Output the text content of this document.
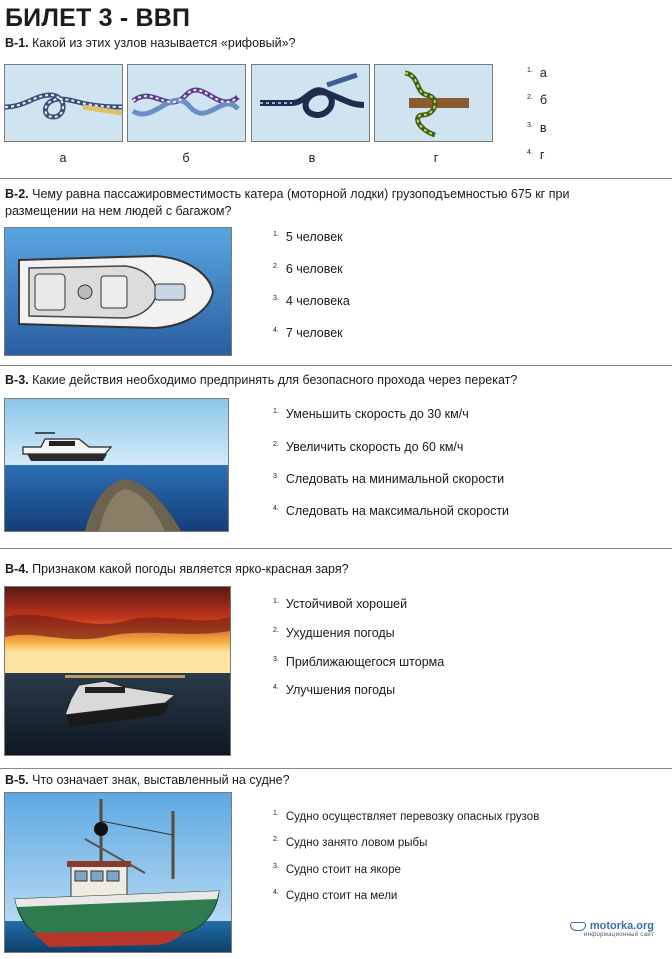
БИЛЕТ 3 - ВВП
В-1. Какой из этих узлов называется «рифовый»?
а	б	в	г
$^{1.}$ а
$^{2.}$ б
$^{3.}$ в
$^{4.}$ г
В-2. Чему равна пассажировместимость катера (моторной лодки) грузоподъемностью 675 кг при размещении на нем людей с багажом?
$^{1.}$ 5 человек
$^{2.}$ 6 человек
$^{3.}$ 4 человека
$^{4.}$ 7 человек
В-3. Какие действия необходимо предпринять для безопасного прохода через перекат?
$^{1.}$ Уменьшить скорость до 30 км/ч
$^{2.}$ Увеличить скорость до 60 км/ч
$^{3.}$ Следовать на минимальной скорости
$^{4.}$ Следовать на максимальной скорости
В-4. Признаком какой погоды является ярко-красная заря?
$^{1.}$ Устойчивой хорошей
$^{2.}$ Ухудшения погоды
$^{3.}$ Приближающегося шторма
$^{4.}$ Улучшения погоды
В-5. Что означает знак, выставленный на судне?
$^{1.}$ Судно осуществляет перевозку опасных грузов
$^{2.}$ Судно занято ловом рыбы
$^{3.}$ Судно стоит на якоре
$^{4.}$ Судно стоит на мели
motorka.org
информационный сайт
